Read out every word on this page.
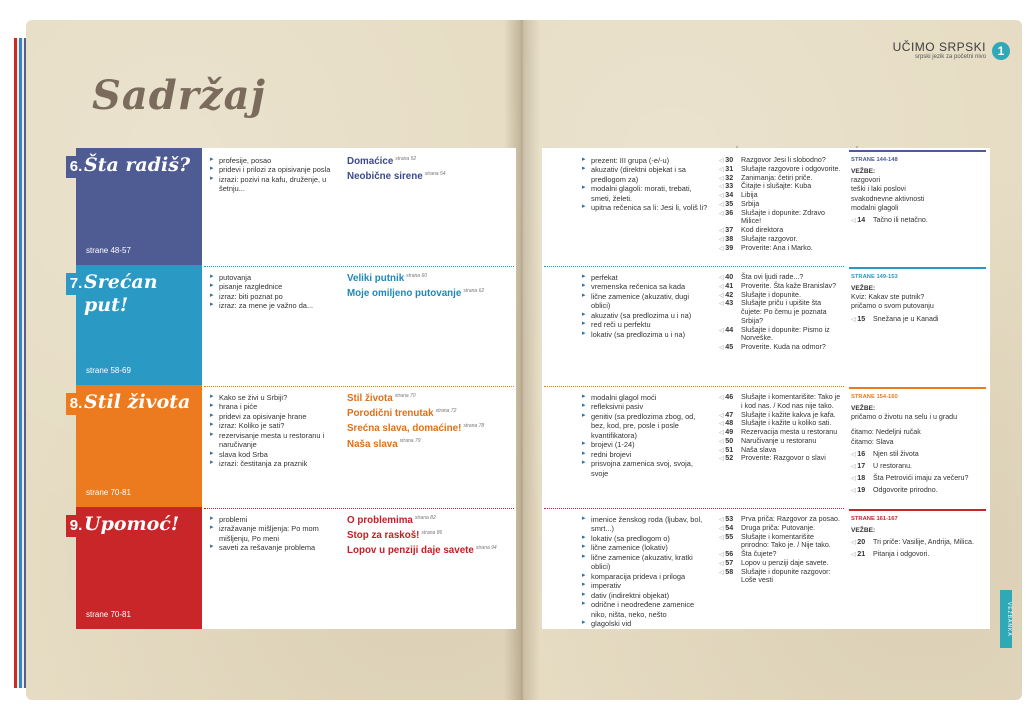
Sadržaj
UČIMO SRPSKI
srpski jezik za početni nivo 1
6. Šta radiš?
strane 48-57
▸ profesije, posao
▸ pridevi i prilozi za opisivanje posla
▸ izrazi: pozivi na kafu, druženje, u šetnju...
Domaćice $^{strana 52}$
Neobične sirene $^{strana 54}$
▸ prezent: III grupa (-e/-u)
▸ akuzativ (direktni objekat i sa predlogom za)
▸ modalni glagoli: morati, trebati, smeti, želeti.
▸ upitna rečenica sa li: Jesi li, voliš li?
◁ 30 Razgovor Jesi li slobodno?
◁ 31 Slušajte razgovore i odgovorite.
◁ 32 Zanimanja: četiri priče.
◁ 33 Čitajte i slušajte: Kuba
◁ 34 Libija
◁ 35 Srbija
◁ 36 Slušajte i dopunite: Zdravo Milice!
◁ 37 Kod direktora
◁ 38 Slušajte razgovor.
◁ 39 Proverite: Ana i Marko.
STRANE 144-148
VEŽBE:
razgovori
teški i laki poslovi
svakodnevne aktivnosti
modalni glagoli
◁ 14 Tačno ili netačno.
7. Srećan put!
strane 58-69
▸ putovanja
▸ pisanje razglednice
▸ izraz: biti poznat po
▸ izraz: za mene je važno da...
Veliki putnik $^{strana 60}$
Moje omiljeno putovanje $^{strana 62}$
▸ perfekat
▸ vremenska rečenica sa kada
▸ lične zamenice (akuzativ, dugi oblici)
▸ akuzativ (sa predlozima u i na)
▸ red reči u perfektu
▸ lokativ (sa predlozima u i na)
◁ 40 Šta ovi ljudi rade...?
◁ 41 Proverite. Šta kaže Branislav?
◁ 42 Slušajte i dopunite.
◁ 43 Slušajte priču i upišite šta čujete: Po čemu je poznata Srbija?
◁ 44 Slušajte i dopunite: Pismo iz Norveške.
◁ 45 Proverite. Kuda na odmor?
STRANE 149-153
VEŽBE:
Kviz: Kakav ste putnik?
pričamo o svom putovanju
◁ 15 Snežana je u Kanadi
8. Stil života
strane 70-81
▸ Kako se živi u Srbiji?
▸ hrana i piće
▸ pridevi za opisivanje hrane
▸ izraz: Koliko je sati?
▸ rezervisanje mesta u restoranu i naručivanje
▸ slava kod Srba
▸ izrazi: čestitanja za praznik
Stil života $^{strana 70}$
Porodični trenutak $^{strana 72}$
Srećna slava, domaćine! $^{strana 78}$
Naša slava $^{strana 79}$
▸ modalni glagol moći
▸ refleksivni pasiv
▸ genitiv (sa predlozima zbog, od, bez, kod, pre, posle i posle kvantifikatora)
▸ brojevi (1-24)
▸ redni brojevi
▸ prisvojna zamenica svoj, svoja, svoje
◁ 46 Slušajte i komentarišite: Tako je i kod nas. / Kod nas nije tako.
◁ 47 Slušajte i kažite kakva je kafa.
◁ 48 Slušajte i kažite u koliko sati.
◁ 49 Rezervacija mesta u restoranu
◁ 50 Naručivanje u restoranu
◁ 51 Naša slava
◁ 52 Proverite: Razgovor o slavi
STRANE 154-160
VEŽBE:
pričamo o životu na selu i u gradu
čitamo: Nedeljni ručak
čitamo: Slava
◁ 16 Njen stil života
◁ 17 U restoranu.
◁ 18 Šta Petrovići imaju za večeru?
◁ 19 Odgovorite prirodno.
9. Upomoć!
strane 70-81
▸ problemi
▸ izražavanje mišljenja: Po mom mišljenju, Po meni
▸ saveti za rešavanje problema
O problemima $^{strana 82}$
Stop za raskoš! $^{strana 86}$
Lopov u penziji daje savete $^{strana 94}$
▸ imenice ženskog roda (ljubav, bol, smrt...)
▸ lokativ (sa predlogom o)
▸ lične zamenice (lokativ)
▸ lične zamenice (akuzativ, kratki oblici)
▸ komparacija prideva i priloga
▸ imperativ
▸ dativ (indirektni objekat)
▸ odrične i neodređene zamenice niko, ništa, neko, nešto
▸ glagolski vid
◁ 53 Prva priča: Razgovor za posao.
◁ 54 Druga priča: Putovanje.
◁ 55 Slušajte i komentarišite prirodno: Tako je. / Nije tako.
◁ 56 Šta čujete?
◁ 57 Lopov u penziji daje savete.
◁ 58 Slušajte i dopunite razgovor: Loše vesti
STRANE 161-167
VEŽBE:
◁ 20 Tri priče: Vasilije, Andrija, Milica.
◁ 21 Pitanja i odgovori.
VEŽBANKA
